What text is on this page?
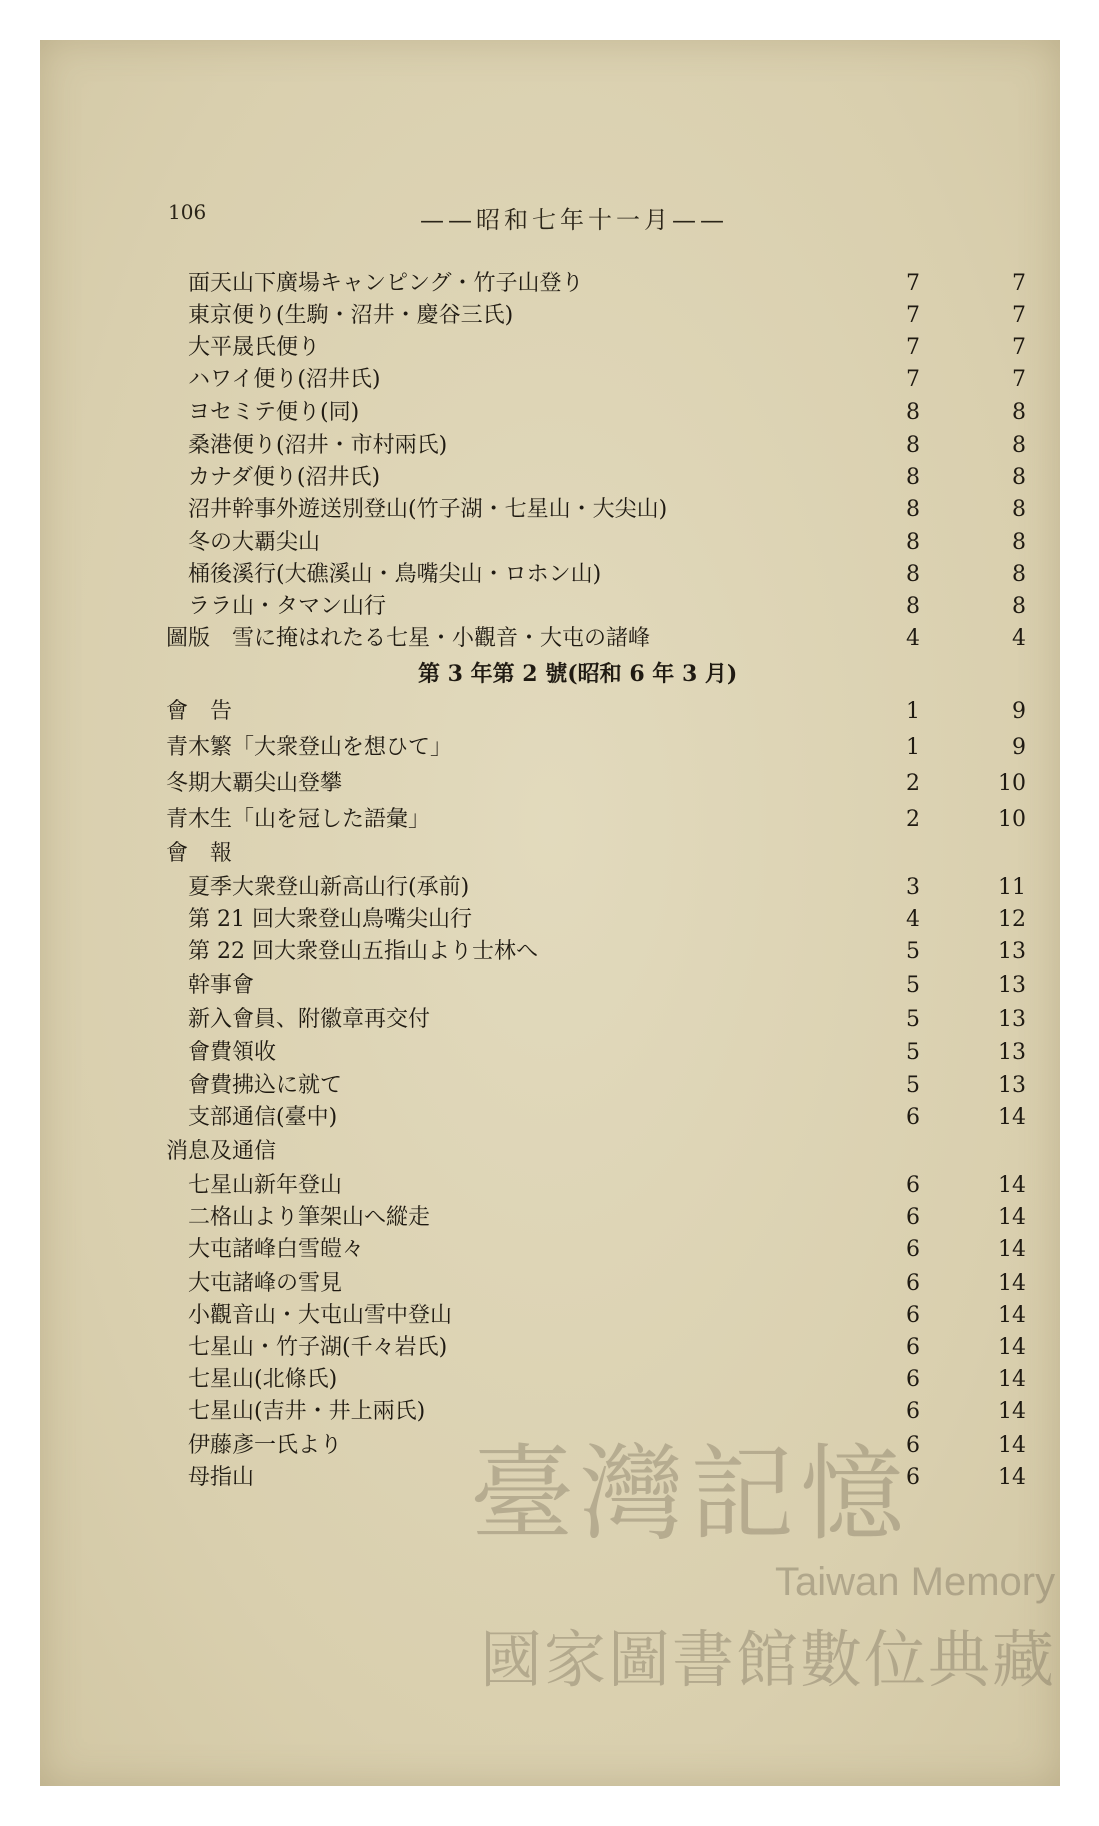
106	——昭和七年十一月——
面天山下廣場キャンピング・竹子山登り	7	7
東京便り(生駒・沼井・慶谷三氏)	7	7
大平晟氏便り	7	7
ハワイ便り(沼井氏)	7	7
ヨセミテ便り(同)	8	8
桑港便り(沼井・市村兩氏)	8	8
カナダ便り(沼井氏)	8	8
沼井幹事外遊送別登山(竹子湖・七星山・大尖山)	8	8
冬の大覇尖山	8	8
桶後溪行(大礁溪山・鳥嘴尖山・ロホン山)	8	8
ララ山・タマン山行	8	8
圖版　雪に掩はれたる七星・小觀音・大屯の諸峰	4	4
第 3 年第 2 號(昭和 6 年 3 月)
會　告	1	9
青木繁「大衆登山を想ひて」	1	9
冬期大覇尖山登攀	2	10
青木生「山を冠した語彙」	2	10
會　報
夏季大衆登山新高山行(承前)	3	11
第 21 回大衆登山鳥嘴尖山行	4	12
第 22 回大衆登山五指山より士林へ	5	13
幹事會	5	13
新入會員、附徽章再交付	5	13
會費領收	5	13
會費拂込に就て	5	13
支部通信(臺中)	6	14
消息及通信
七星山新年登山	6	14
二格山より筆架山へ縱走	6	14
大屯諸峰白雪皚々	6	14
大屯諸峰の雪見	6	14
小觀音山・大屯山雪中登山	6	14
七星山・竹子湖(千々岩氏)	6	14
七星山(北條氏)	6	14
七星山(吉井・井上兩氏)	6	14
伊藤彥一氏より	6	14
母指山	6	14
臺灣記憶
Taiwan Memory
國家圖書館數位典藏
